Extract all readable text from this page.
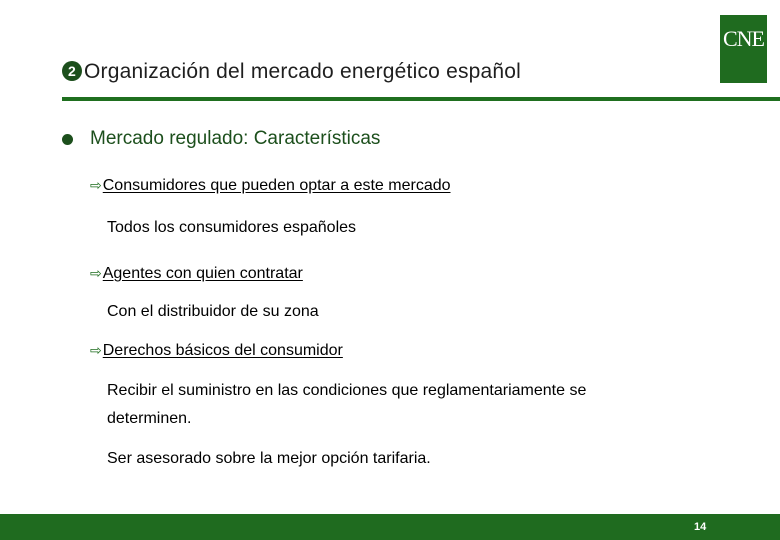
2 Organización del mercado energético español
CNE
Mercado regulado: Características
⇨Consumidores que pueden optar a este mercado
Todos los consumidores españoles
⇨Agentes con quien contratar
Con el distribuidor de su zona
⇨Derechos básicos del consumidor
Recibir el suministro en las condiciones que reglamentariamente se determinen.
Ser asesorado sobre la mejor opción tarifaria.
14
